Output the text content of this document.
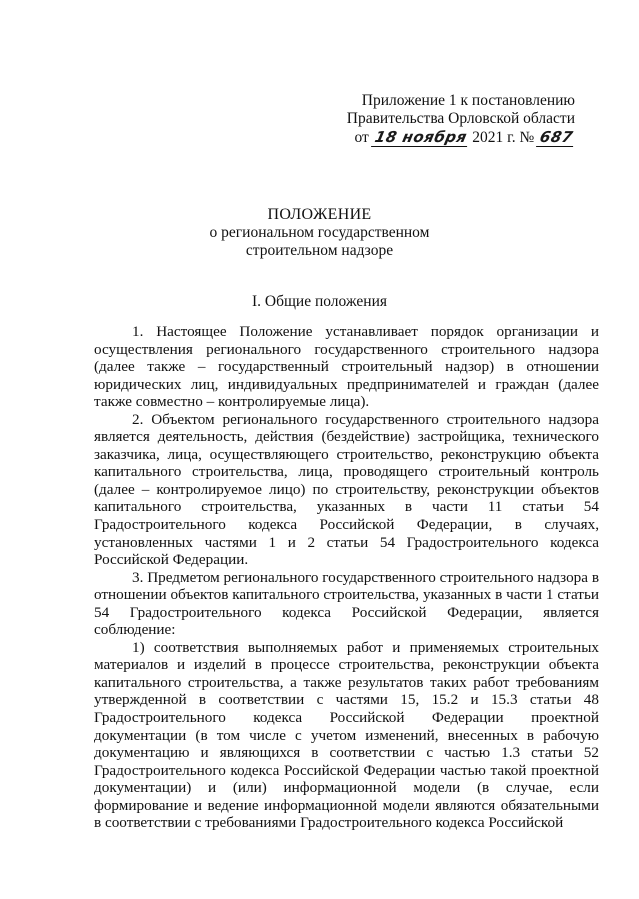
Приложение 1 к постановлению
Правительства Орловской области
от 18 ноября 2021 г. № 687
ПОЛОЖЕНИЕ
о региональном государственном
строительном надзоре
I. Общие положения

1. Настоящее Положение устанавливает порядок организации и осуществления регионального государственного строительного надзора (далее также – государственный строительный надзор) в отношении юридических лиц, индивидуальных предпринимателей и граждан (далее также совместно – контролируемые лица).

2. Объектом регионального государственного строительного надзора является деятельность, действия (бездействие) застройщика, технического заказчика, лица, осуществляющего строительство, реконструкцию объекта капитального строительства, лица, проводящего строительный контроль (далее – контролируемое лицо) по строительству, реконструкции объектов капитального строительства, указанных в части 11 статьи 54 Градостроительного кодекса Российской Федерации, в случаях, установленных частями 1 и 2 статьи 54 Градостроительного кодекса Российской Федерации.

3. Предметом регионального государственного строительного надзора в отношении объектов капитального строительства, указанных в части 1 статьи 54 Градостроительного кодекса Российской Федерации, является соблюдение:

1) соответствия выполняемых работ и применяемых строительных материалов и изделий в процессе строительства, реконструкции объекта капитального строительства, а также результатов таких работ требованиям утвержденной в соответствии с частями 15, 15.2 и 15.3 статьи 48 Градостроительного кодекса Российской Федерации проектной документации (в том числе с учетом изменений, внесенных в рабочую документацию и являющихся в соответствии с частью 1.3 статьи 52 Градостроительного кодекса Российской Федерации частью такой проектной документации) и (или) информационной модели (в случае, если формирование и ведение информационной модели являются обязательными в соответствии с требованиями Градостроительного кодекса Российской
